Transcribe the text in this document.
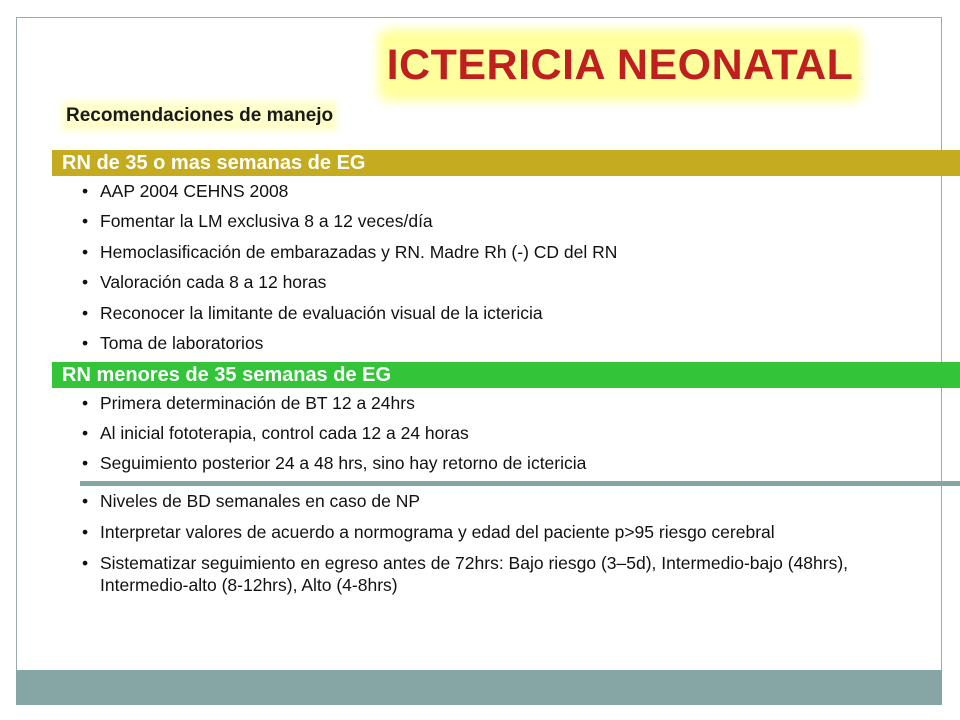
ICTERICIA NEONATAL
Recomendaciones de manejo
RN de 35 o mas semanas de EG
• AAP 2004 CEHNS 2008
• Fomentar la LM exclusiva 8 a 12 veces/día
• Hemoclasificación de embarazadas y RN. Madre Rh (-) CD del RN
• Valoración cada 8 a 12 horas
• Reconocer la limitante de evaluación visual de la ictericia
• Toma de laboratorios
RN menores de 35 semanas de EG
• Primera determinación de BT 12 a 24hrs
• Al inicial fototerapia, control cada 12 a 24 horas
• Seguimiento posterior 24 a 48 hrs, sino hay retorno de ictericia
• Niveles de BD semanales en caso de NP
• Interpretar valores de acuerdo a normograma y edad del paciente p>95 riesgo cerebral
• Sistematizar seguimiento en egreso antes de 72hrs: Bajo riesgo (3–5d), Intermedio-bajo (48hrs), Intermedio-alto (8-12hrs), Alto (4-8hrs)
